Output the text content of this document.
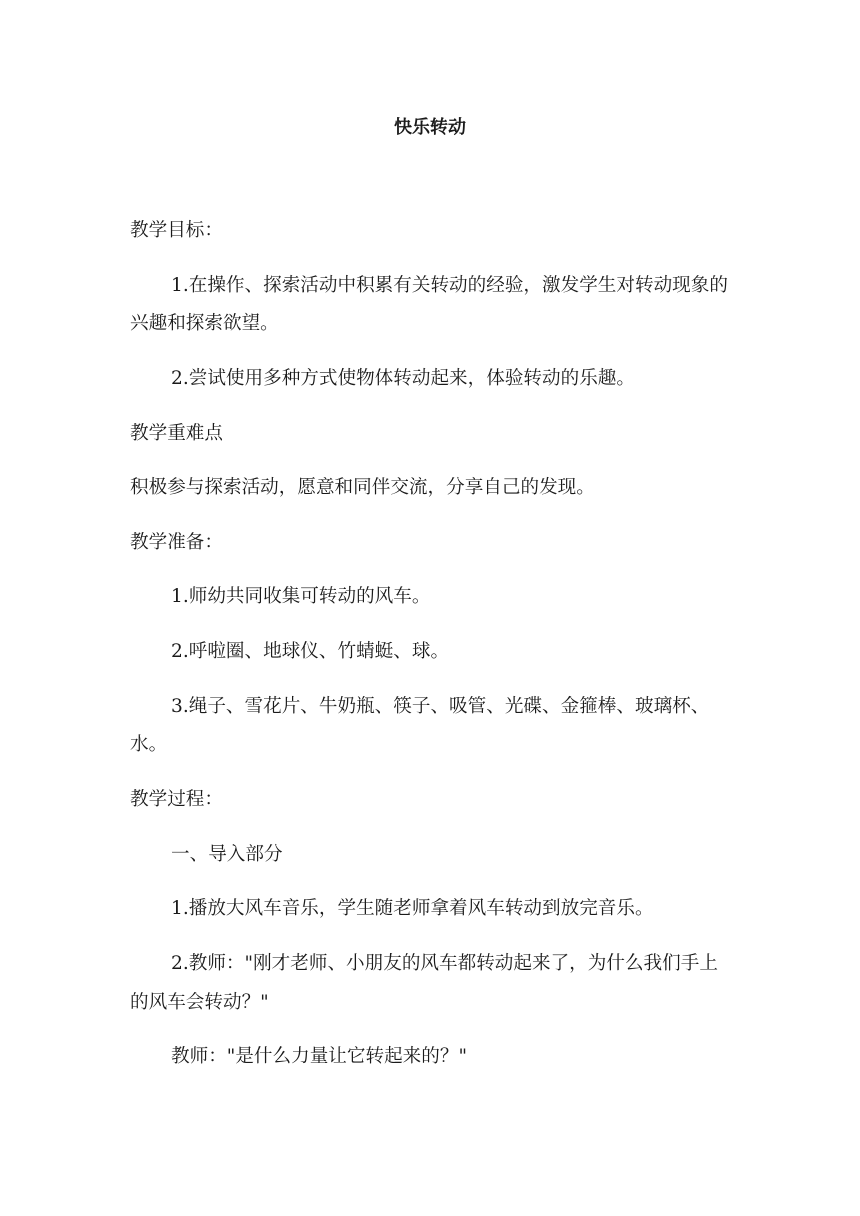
快乐转动

教学目标：

1.在操作、探索活动中积累有关转动的经验，激发学生对转动现象的兴趣和探索欲望。

2.尝试使用多种方式使物体转动起来，体验转动的乐趣。

教学重难点

积极参与探索活动，愿意和同伴交流，分享自己的发现。

教学准备：

1.师幼共同收集可转动的风车。

2.呼啦圈、地球仪、竹蜻蜓、球。

3.绳子、雪花片、牛奶瓶、筷子、吸管、光碟、金箍棒、玻璃杯、水。

教学过程：

一、导入部分

1.播放大风车音乐，学生随老师拿着风车转动到放完音乐。

2.教师："刚才老师、小朋友的风车都转动起来了，为什么我们手上的风车会转动？"

教师："是什么力量让它转起来的？"
